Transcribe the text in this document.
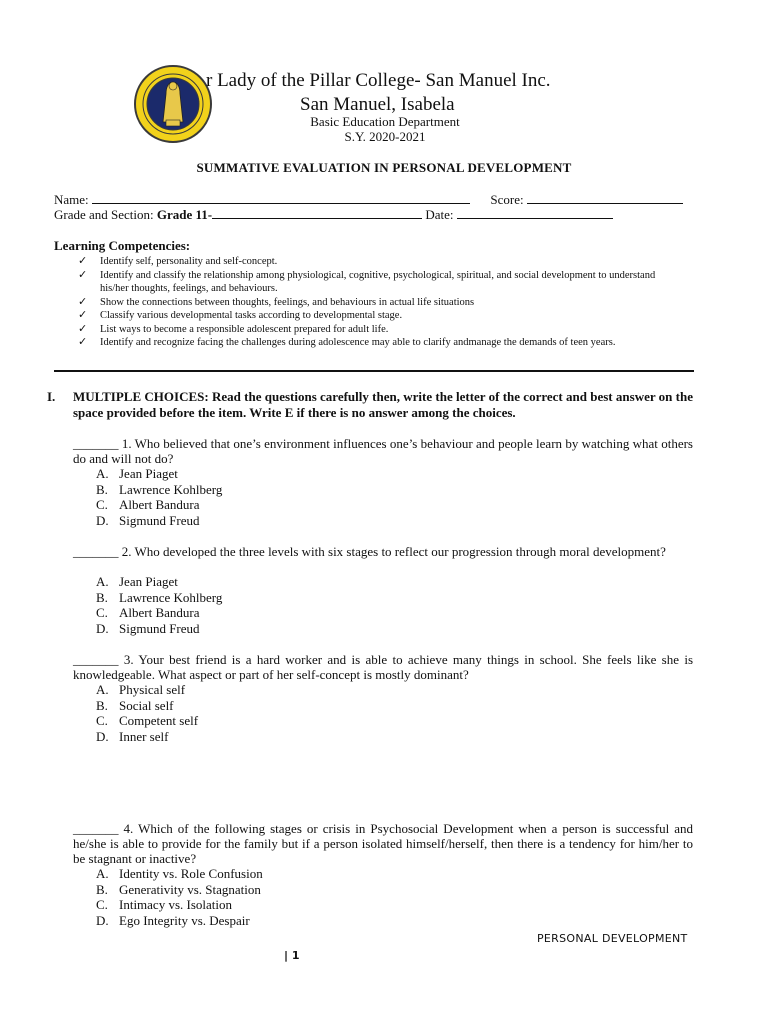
r Lady of the Pillar College- San Manuel Inc.
San Manuel, Isabela
Basic Education Department
S.Y. 2020-2021
SUMMATIVE EVALUATION IN PERSONAL DEVELOPMENT
Name:	Score:
Grade and Section: Grade 11-	Date:
Learning Competencies:
✓ Identify self, personality and self-concept.
✓ Identify and classify the relationship among physiological, cognitive, psychological, spiritual, and social development to understand his/her thoughts, feelings, and behaviours.
✓ Show the connections between thoughts, feelings, and behaviours in actual life situations
✓ Classify various developmental tasks according to developmental stage.
✓ List ways to become a responsible adolescent prepared for adult life.
✓ Identify and recognize facing the challenges during adolescence may able to clarify andmanage the demands of teen years.
I. MULTIPLE CHOICES: Read the questions carefully then, write the letter of the correct and best answer on the space provided before the item. Write E if there is no answer among the choices.
_______ 1. Who believed that one’s environment influences one’s behaviour and people learn by watching what others do and will not do?
A. Jean Piaget
B. Lawrence Kohlberg
C. Albert Bandura
D. Sigmund Freud
_______ 2. Who developed the three levels with six stages to reflect our progression through moral development?
A. Jean Piaget
B. Lawrence Kohlberg
C. Albert Bandura
D. Sigmund Freud
_______ 3. Your best friend is a hard worker and is able to achieve many things in school. She feels like she is knowledgeable. What aspect or part of her self-concept is mostly dominant?
A. Physical self
B. Social self
C. Competent self
D. Inner self
_______ 4. Which of the following stages or crisis in Psychosocial Development when a person is successful and he/she is able to provide for the family but if a person isolated himself/herself, then there is a tendency for him/her to be stagnant or inactive?
A. Identity vs. Role Confusion
B. Generativity vs. Stagnation
C. Intimacy vs. Isolation
D. Ego Integrity vs. Despair
PERSONAL DEVELOPMENT
| 1
